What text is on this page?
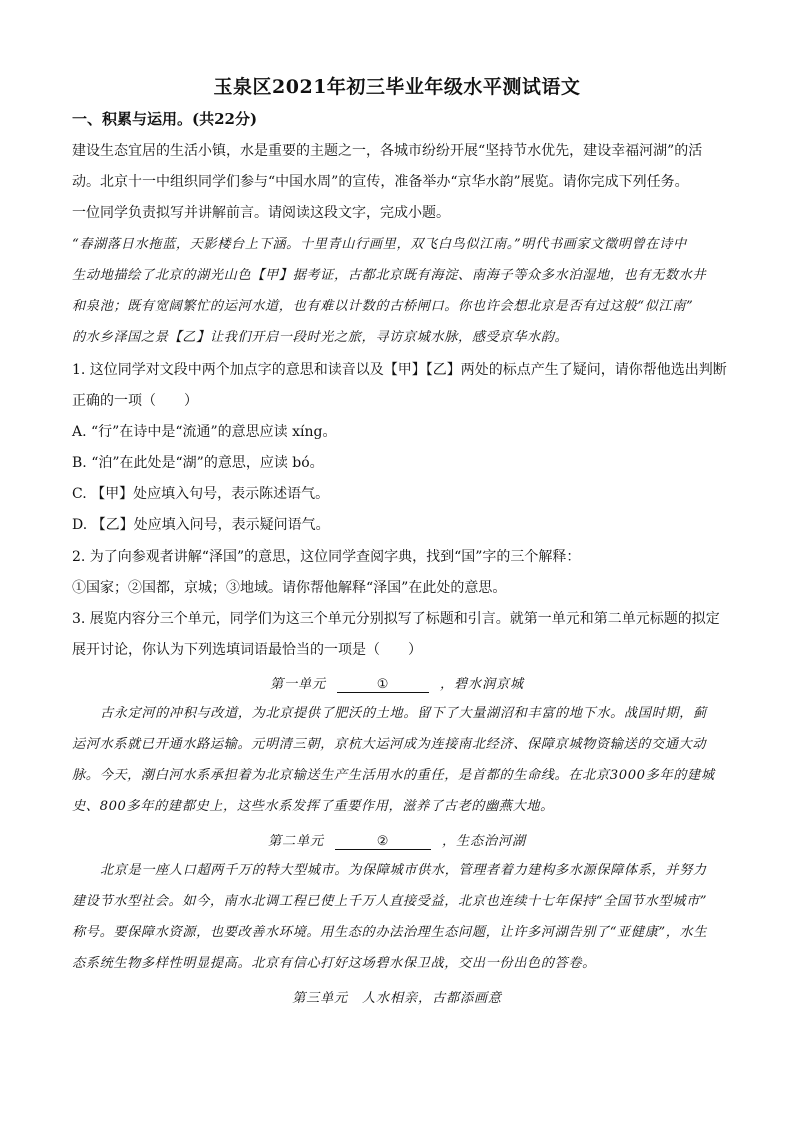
玉泉区2021年初三毕业年级水平测试语文
一、积累与运用。(共22分)
建设生态宜居的生活小镇，水是重要的主题之一，各城市纷纷开展“坚持节水优先，建设幸福河湖”的活
动。北京十一中组织同学们参与“中国水周”的宣传，准备举办“京华水韵”展览。请你完成下列任务。
一位同学负责拟写并讲解前言。请阅读这段文字，完成小题。
“春湖落日水拖蓝，天影楼台上下涵。十里青山行画里，双飞白鸟似江南。”明代书画家文徵明曾在诗中
生动地描绘了北京的湖光山色【甲】据考证，古都北京既有海淀、南海子等众多水泊湿地，也有无数水井
和泉池；既有宽阔繁忙的运河水道，也有难以计数的古桥闸口。你也许会想北京是否有过这般“似江南”
的水乡泽国之景【乙】让我们开启一段时光之旅，寻访京城水脉，感受京华水韵。
1. 这位同学对文段中两个加点字的意思和读音以及【甲】【乙】两处的标点产生了疑问，请你帮他选出判断
正确的一项（　　）
A. “行”在诗中是“流通”的意思应读 xíng。
B. “泊”在此处是“湖”的意思，应读 bó。
C. 【甲】处应填入句号，表示陈述语气。
D. 【乙】处应填入问号，表示疑问语气。
2. 为了向参观者讲解“泽国”的意思，这位同学查阅字典，找到“国”字的三个解释：
①国家；②国都，京城；③地域。请你帮他解释“泽国”在此处的意思。
3. 展览内容分三个单元，同学们为这三个单元分别拟写了标题和引言。就第一单元和第二单元标题的拟定
展开讨论，你认为下列选填词语最恰当的一项是（　　）
第一单元	①	，碧水润京城
古永定河的冲积与改道，为北京提供了肥沃的土地。留下了大量湖沼和丰富的地下水。战国时期，蓟
运河水系就已开通水路运输。元明清三朝，京杭大运河成为连接南北经济、保障京城物资输送的交通大动
脉。今天，潮白河水系承担着为北京输送生产生活用水的重任，是首都的生命线。在北京3000多年的建城
史、800多年的建都史上，这些水系发挥了重要作用，滋养了古老的幽燕大地。
第二单元	②	，生态治河湖
北京是一座人口超两千万的特大型城市。为保障城市供水，管理者着力建构多水源保障体系，并努力
建设节水型社会。如今，南水北调工程已使上千万人直接受益，北京也连续十七年保持“全国节水型城市”
称号。要保障水资源，也要改善水环境。用生态的办法治理生态问题，让许多河湖告别了“亚健康”，水生
态系统生物多样性明显提高。北京有信心打好这场碧水保卫战，交出一份出色的答卷。
第三单元　人水相亲，古都添画意
